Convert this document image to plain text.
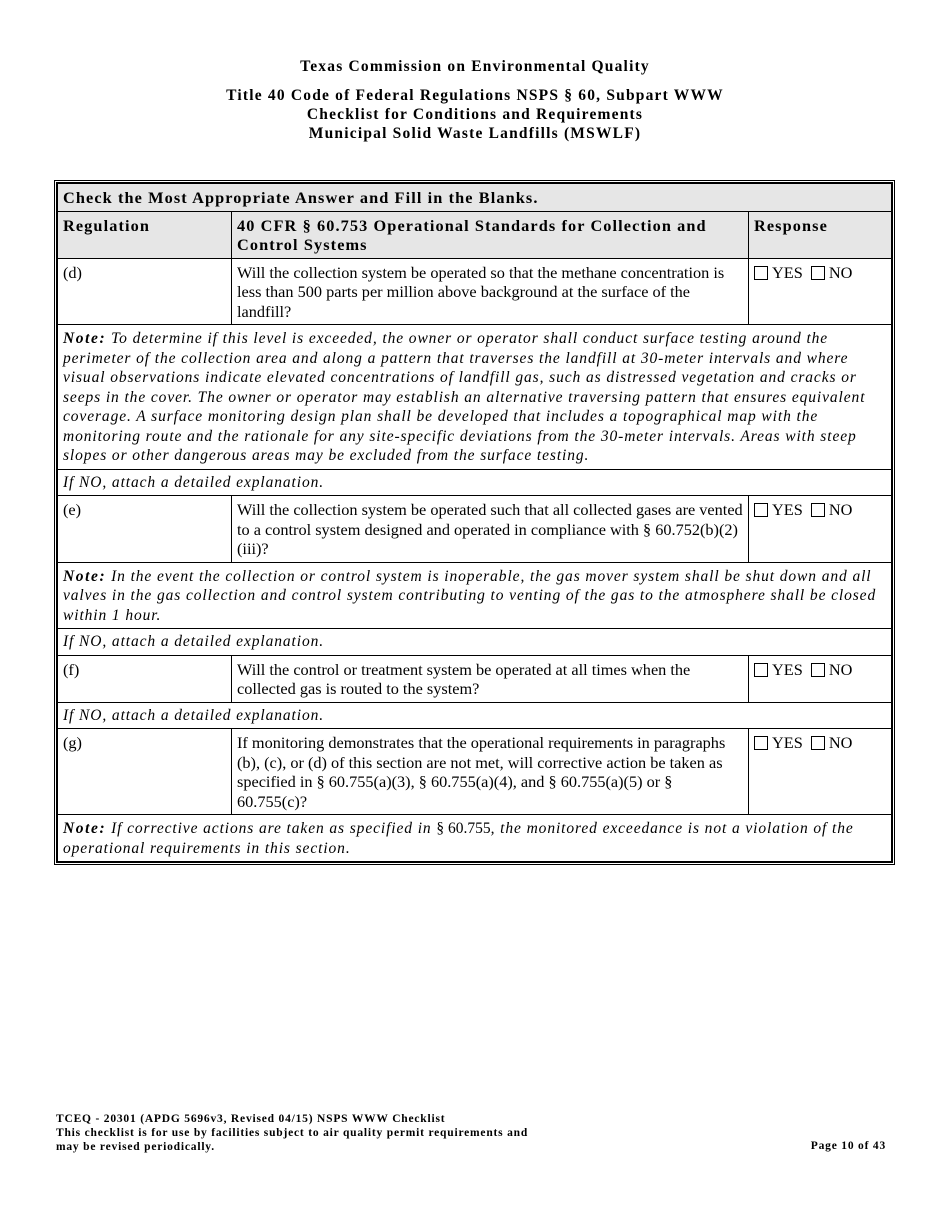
Texas Commission on Environmental Quality
Title 40 Code of Federal Regulations NSPS § 60, Subpart WWW
Checklist for Conditions and Requirements
Municipal Solid Waste Landfills (MSWLF)
Check the Most Appropriate Answer and Fill in the Blanks.		
Regulation	40 CFR § 60.753 Operational Standards for Collection and Control Systems	Response
(d)	Will the collection system be operated so that the methane concentration is less than 500 parts per million above background at the surface of the landfill?	YES NO
Note: To determine if this level is exceeded, the owner or operator shall conduct surface testing around the perimeter of the collection area and along a pattern that traverses the landfill at 30-meter intervals and where visual observations indicate elevated concentrations of landfill gas, such as distressed vegetation and cracks or seeps in the cover. The owner or operator may establish an alternative traversing pattern that ensures equivalent coverage. A surface monitoring design plan shall be developed that includes a topographical map with the monitoring route and the rationale for any site-specific deviations from the 30-meter intervals. Areas with steep slopes or other dangerous areas may be excluded from the surface testing.		
If NO, attach a detailed explanation.		
(e)	Will the collection system be operated such that all collected gases are vented to a control system designed and operated in compliance with § 60.752(b)(2)(iii)?	YES NO
Note: In the event the collection or control system is inoperable, the gas mover system shall be shut down and all valves in the gas collection and control system contributing to venting of the gas to the atmosphere shall be closed within 1 hour.		
If NO, attach a detailed explanation.		
(f)	Will the control or treatment system be operated at all times when the collected gas is routed to the system?	YES NO
If NO, attach a detailed explanation.		
(g)	If monitoring demonstrates that the operational requirements in paragraphs (b), (c), or (d) of this section are not met, will corrective action be taken as specified in § 60.755(a)(3), § 60.755(a)(4), and § 60.755(a)(5) or § 60.755(c)?	YES NO
Note: If corrective actions are taken as specified in § 60.755, the monitored exceedance is not a violation of the operational requirements in this section.		
TCEQ - 20301 (APDG 5696v3, Revised 04/15) NSPS WWW Checklist
This checklist is for use by facilities subject to air quality permit requirements and
may be revised periodically.	Page 10 of 43
